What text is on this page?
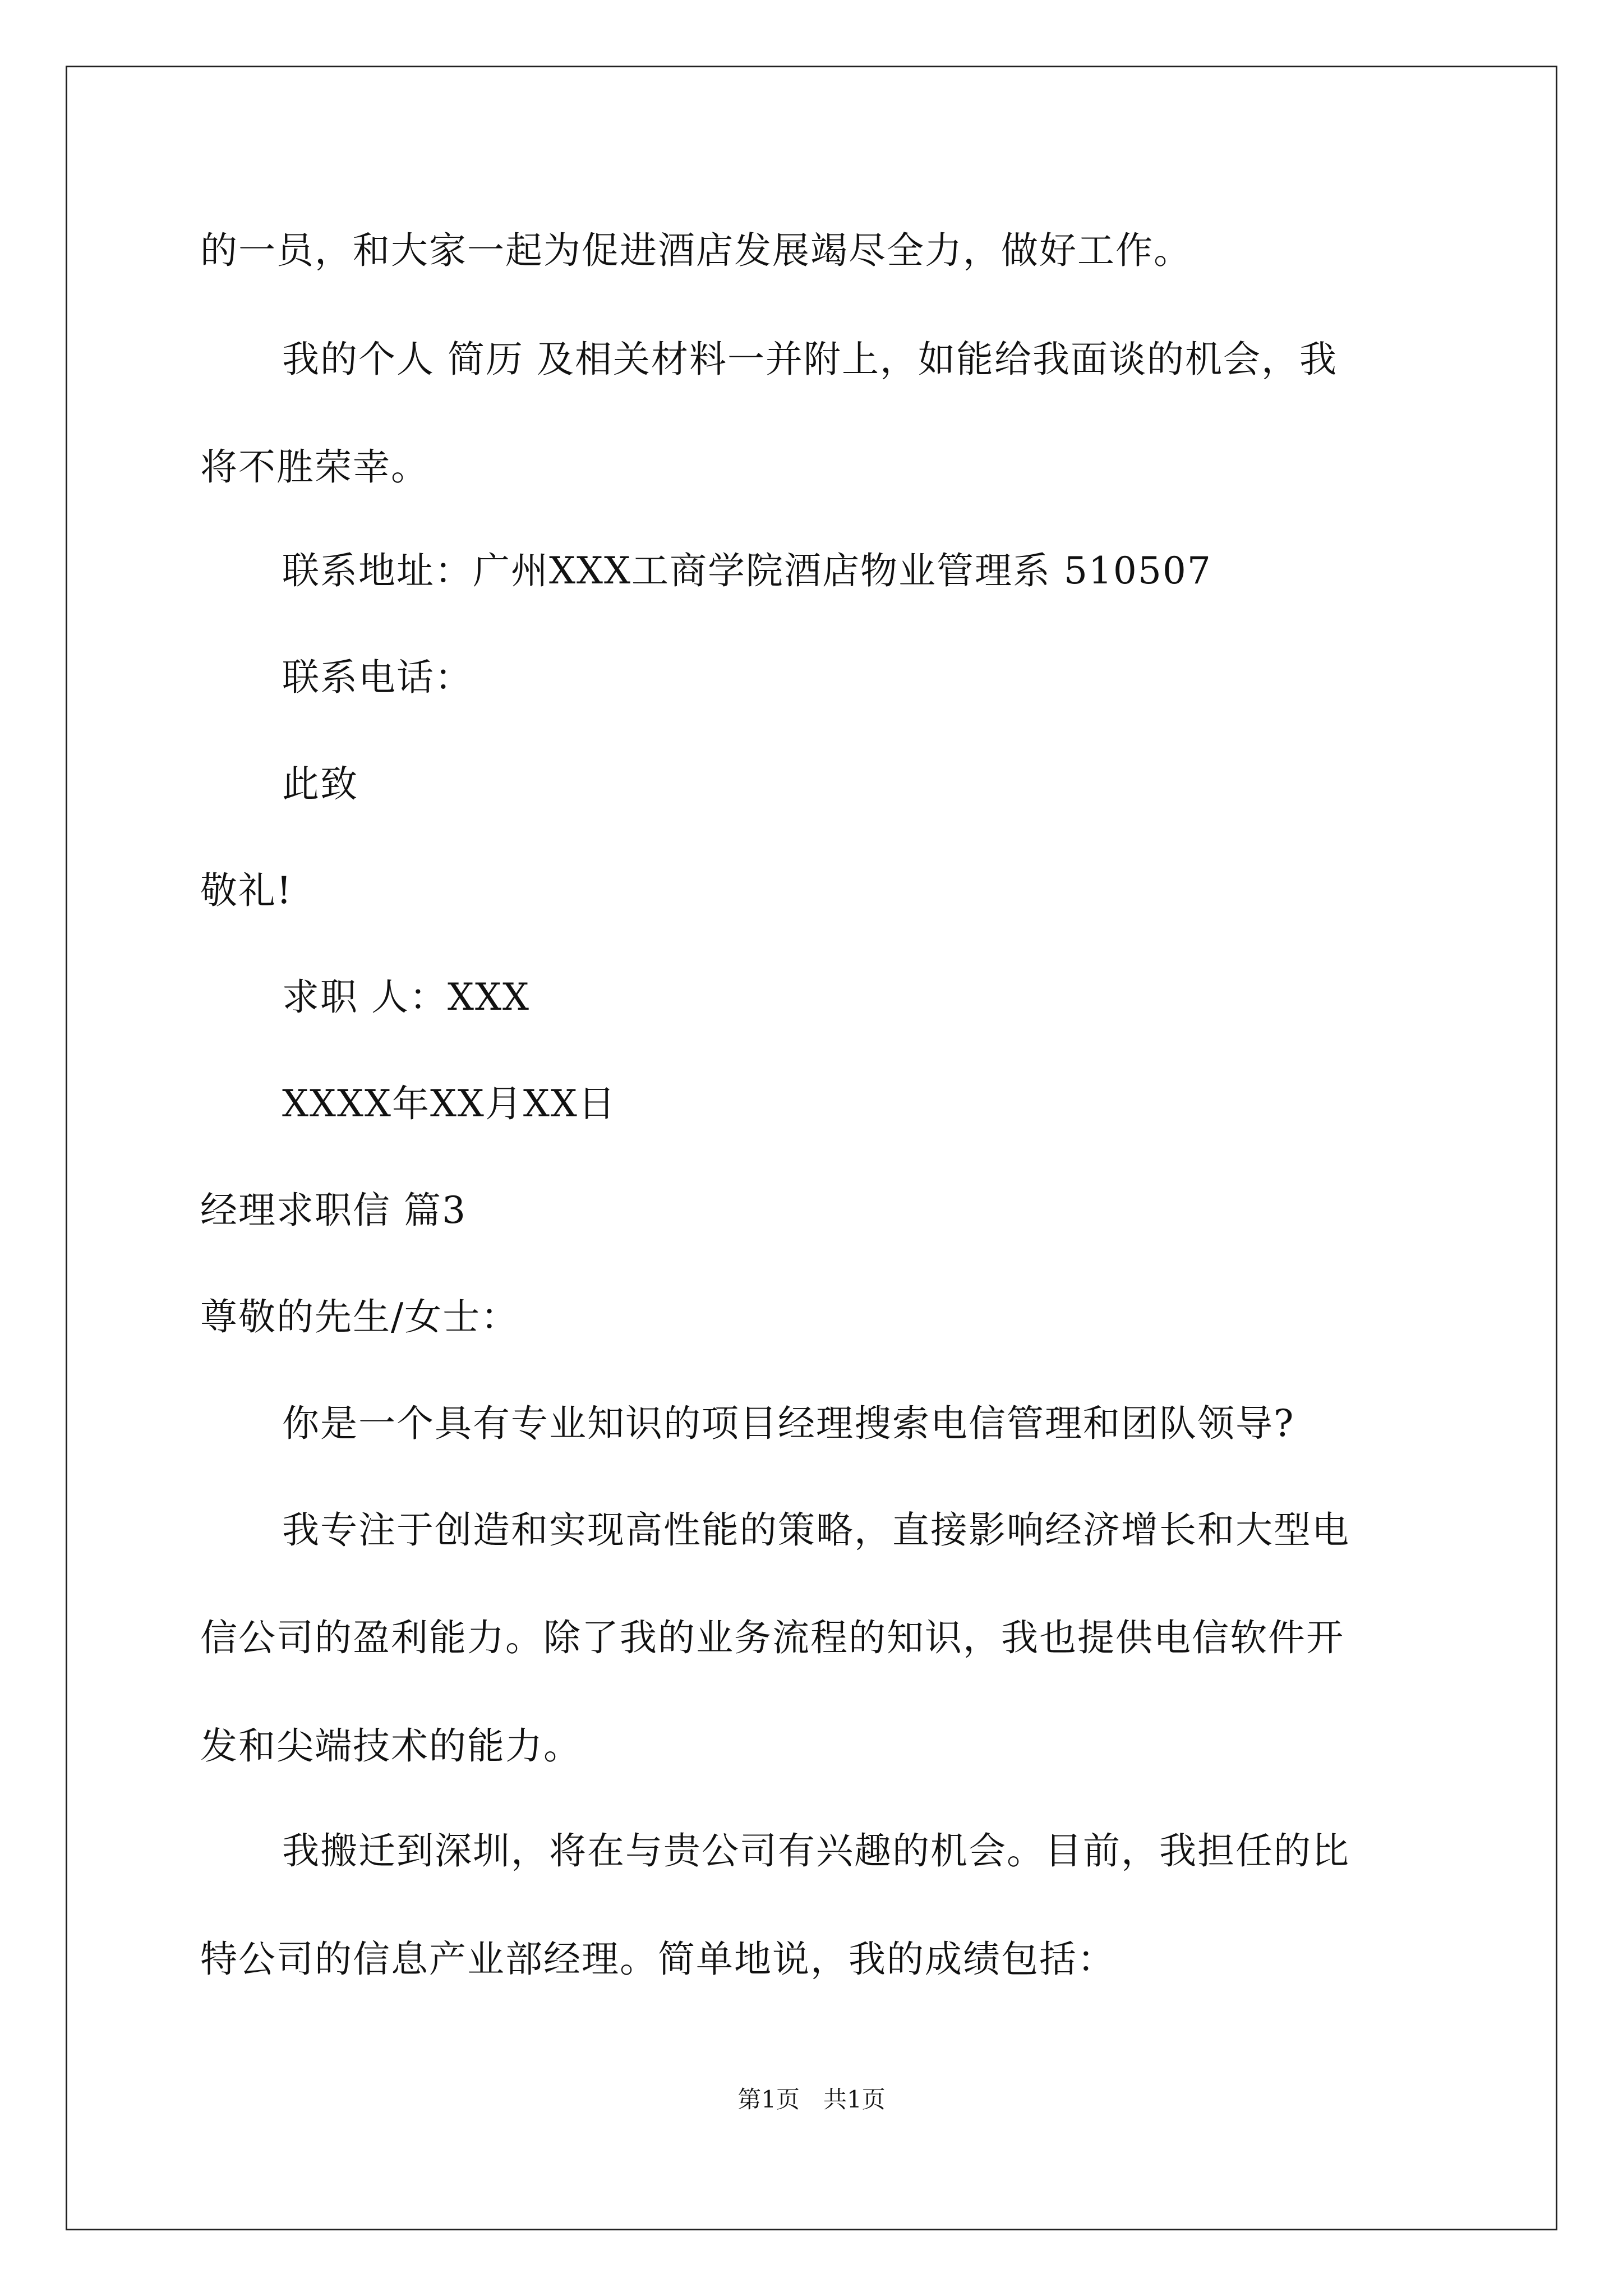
的一员，和大家一起为促进酒店发展竭尽全力，做好工作。
我的个人 简历 及相关材料一并附上，如能给我面谈的机会，我
将不胜荣幸。
联系地址：广州XXX工商学院酒店物业管理系 510507
联系电话：
此致
敬礼!
求职 人：XXX
XXXX年XX月XX日
经理求职信 篇3
尊敬的先生/女士：
你是一个具有专业知识的项目经理搜索电信管理和团队领导?
我专注于创造和实现高性能的策略，直接影响经济增长和大型电
信公司的盈利能力。除了我的业务流程的知识，我也提供电信软件开
发和尖端技术的能力。
我搬迁到深圳，将在与贵公司有兴趣的机会。目前，我担任的比
特公司的信息产业部经理。简单地说，我的成绩包括：
第1页　共1页
